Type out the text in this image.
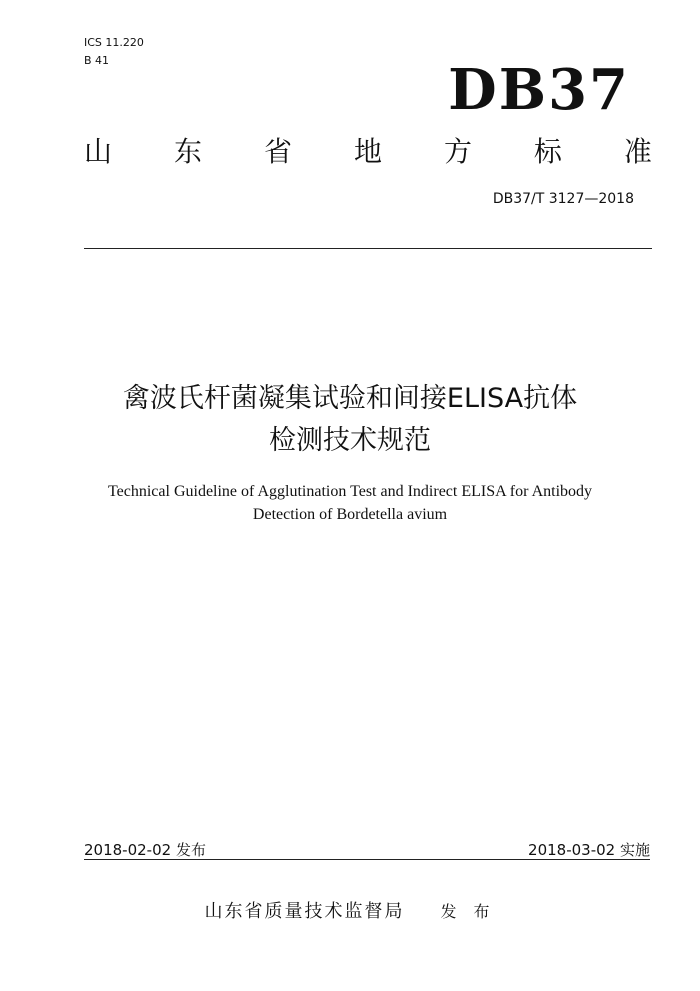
ICS 11.220
B 41	DB37
山 东 省 地 方 标 准
DB37/T 3127—2018
禽波氏杆菌凝集试验和间接ELISA抗体
检测技术规范
Technical Guideline of Agglutination Test and Indirect ELISA for Antibody
Detection of Bordetella avium
2018-02-02 发布	2018-03-02 实施
山东省质量技术监督局 发 布
